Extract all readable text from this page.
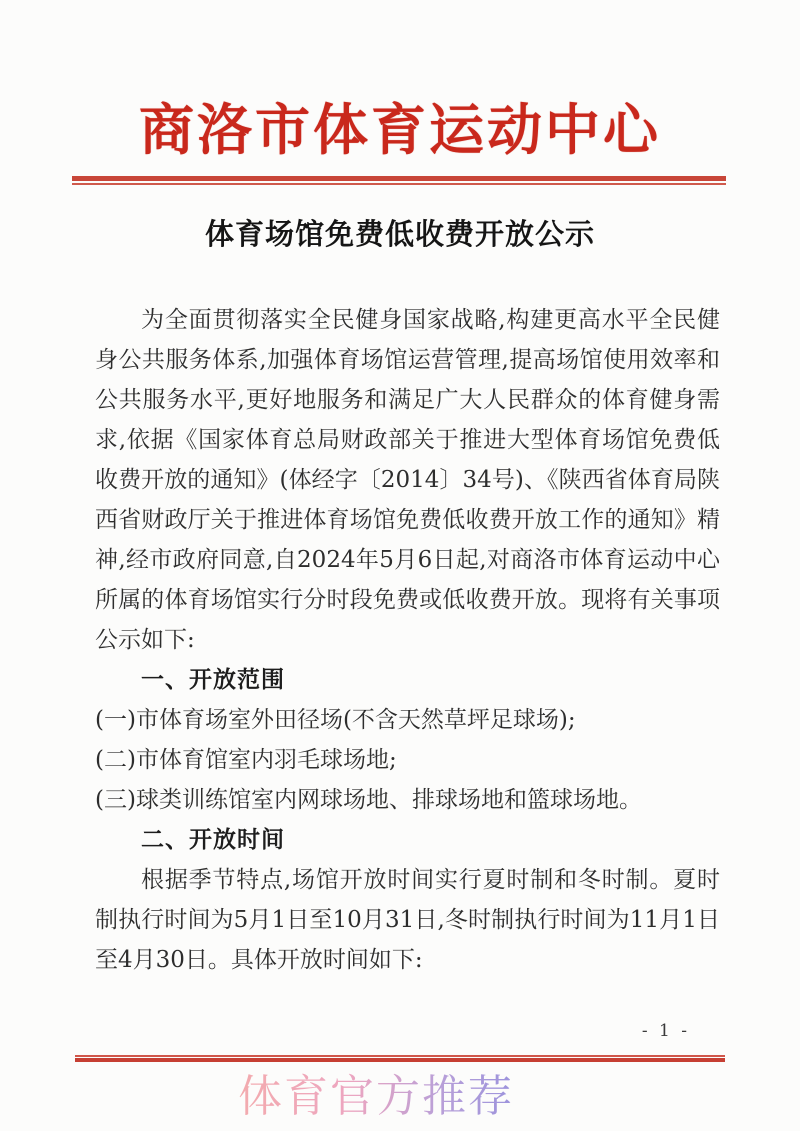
商洛市体育运动中心
体育场馆免费低收费开放公示

为全面贯彻落实全民健身国家战略,构建更高水平全民健身公共服务体系,加强体育场馆运营管理,提高场馆使用效率和公共服务水平,更好地服务和满足广大人民群众的体育健身需求,依据《国家体育总局财政部关于推进大型体育场馆免费低收费开放的通知》(体经字〔2014〕34号)、《陕西省体育局陕西省财政厅关于推进体育场馆免费低收费开放工作的通知》精神,经市政府同意,自2024年5月6日起,对商洛市体育运动中心所属的体育场馆实行分时段免费或低收费开放。现将有关事项公示如下:

一、开放范围

(一)市体育场室外田径场(不含天然草坪足球场);

(二)市体育馆室内羽毛球场地;

(三)球类训练馆室内网球场地、排球场地和篮球场地。

二、开放时间

根据季节特点,场馆开放时间实行夏时制和冬时制。夏时制执行时间为5月1日至10月31日,冬时制执行时间为11月1日至4月30日。具体开放时间如下:

- 1 -
体育官方推荐
